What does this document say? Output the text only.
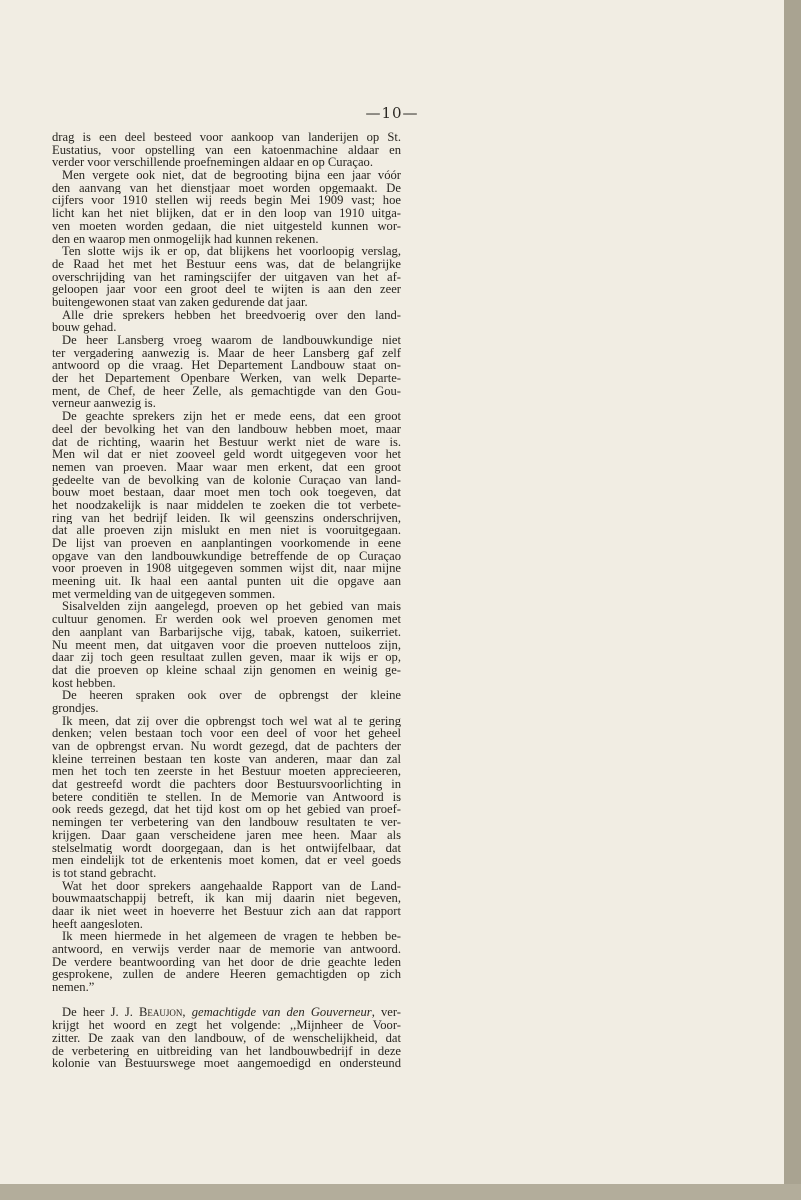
—10—
drag is een deel besteed voor aankoop van landerijen op St.
Eustatius, voor opstelling van een katoenmachine aldaar en
verder voor verschillende proefnemingen aldaar en op Curaçao.
Men vergete ook niet, dat de begrooting bijna een jaar vóór
den aanvang van het dienstjaar moet worden opgemaakt. De
cijfers voor 1910 stellen wij reeds begin Mei 1909 vast; hoe
licht kan het niet blijken, dat er in den loop van 1910 uitga-
ven moeten worden gedaan, die niet uitgesteld kunnen wor-
den en waarop men onmogelijk had kunnen rekenen.
Ten slotte wijs ik er op, dat blijkens het voorloopig verslag,
de Raad het met het Bestuur eens was, dat de belangrijke
overschrijding van het ramingscijfer der uitgaven van het af-
geloopen jaar voor een groot deel te wijten is aan den zeer
buitengewonen staat van zaken gedurende dat jaar.
Alle drie sprekers hebben het breedvoerig over den land-
bouw gehad.
De heer Lansberg vroeg waarom de landbouwkundige niet
ter vergadering aanwezig is. Maar de heer Lansberg gaf zelf
antwoord op die vraag. Het Departement Landbouw staat on-
der het Departement Openbare Werken, van welk Departe-
ment, de Chef, de heer Zelle, als gemachtigde van den Gou-
verneur aanwezig is.
De geachte sprekers zijn het er mede eens, dat een groot
deel der bevolking het van den landbouw hebben moet, maar
dat de richting, waarin het Bestuur werkt niet de ware is.
Men wil dat er niet zooveel geld wordt uitgegeven voor het
nemen van proeven. Maar waar men erkent, dat een groot
gedeelte van de bevolking van de kolonie Curaçao van land-
bouw moet bestaan, daar moet men toch ook toegeven, dat
het noodzakelijk is naar middelen te zoeken die tot verbete-
ring van het bedrijf leiden. Ik wil geenszins onderschrijven,
dat alle proeven zijn mislukt en men niet is vooruitgegaan.
De lijst van proeven en aanplantingen voorkomende in eene
opgave van den landbouwkundige betreffende de op Curaçao
voor proeven in 1908 uitgegeven sommen wijst dit, naar mijne
meening uit. Ik haal een aantal punten uit die opgave aan
met vermelding van de uitgegeven sommen.
Sisalvelden zijn aangelegd, proeven op het gebied van mais
cultuur genomen. Er werden ook wel proeven genomen met
den aanplant van Barbarijsche vijg, tabak, katoen, suikerriet.
Nu meent men, dat uitgaven voor die proeven nutteloos zijn,
daar zij toch geen resultaat zullen geven, maar ik wijs er op,
dat die proeven op kleine schaal zijn genomen en weinig ge-
kost hebben.
De heeren spraken ook over de opbrengst der kleine
grondjes.
Ik meen, dat zij over die opbrengst toch wel wat al te gering
denken; velen bestaan toch voor een deel of voor het geheel
van de opbrengst ervan. Nu wordt gezegd, dat de pachters der
kleine terreinen bestaan ten koste van anderen, maar dan zal
men het toch ten zeerste in het Bestuur moeten apprecieeren,
dat gestreefd wordt die pachters door Bestuursvoorlichting in
betere conditiën te stellen. In de Memorie van Antwoord is
ook reeds gezegd, dat het tijd kost om op het gebied van proef-
nemingen ter verbetering van den landbouw resultaten te ver-
krijgen. Daar gaan verscheidene jaren mee heen. Maar als
stelselmatig wordt doorgegaan, dan is het ontwijfelbaar, dat
men eindelijk tot de erkentenis moet komen, dat er veel goeds
is tot stand gebracht.
Wat het door sprekers aangehaalde Rapport van de Land-
bouwmaatschappij betreft, ik kan mij daarin niet begeven,
daar ik niet weet in hoeverre het Bestuur zich aan dat rapport
heeft aangesloten.
Ik meen hiermede in het algemeen de vragen te hebben be-
antwoord, en verwijs verder naar de memorie van antwoord.
De verdere beantwoording van het door de drie geachte leden
gesprokene, zullen de andere Heeren gemachtigden op zich
nemen.”
De heer J. J. Beaujon, gemachtigde van den Gouverneur, ver-
krijgt het woord en zegt het volgende: ,,Mijnheer de Voor-
zitter. De zaak van den landbouw, of de wenschelijkheid, dat
de verbetering en uitbreiding van het landbouwbedrijf in deze
kolonie van Bestuurswege moet aangemoedigd en ondersteund
